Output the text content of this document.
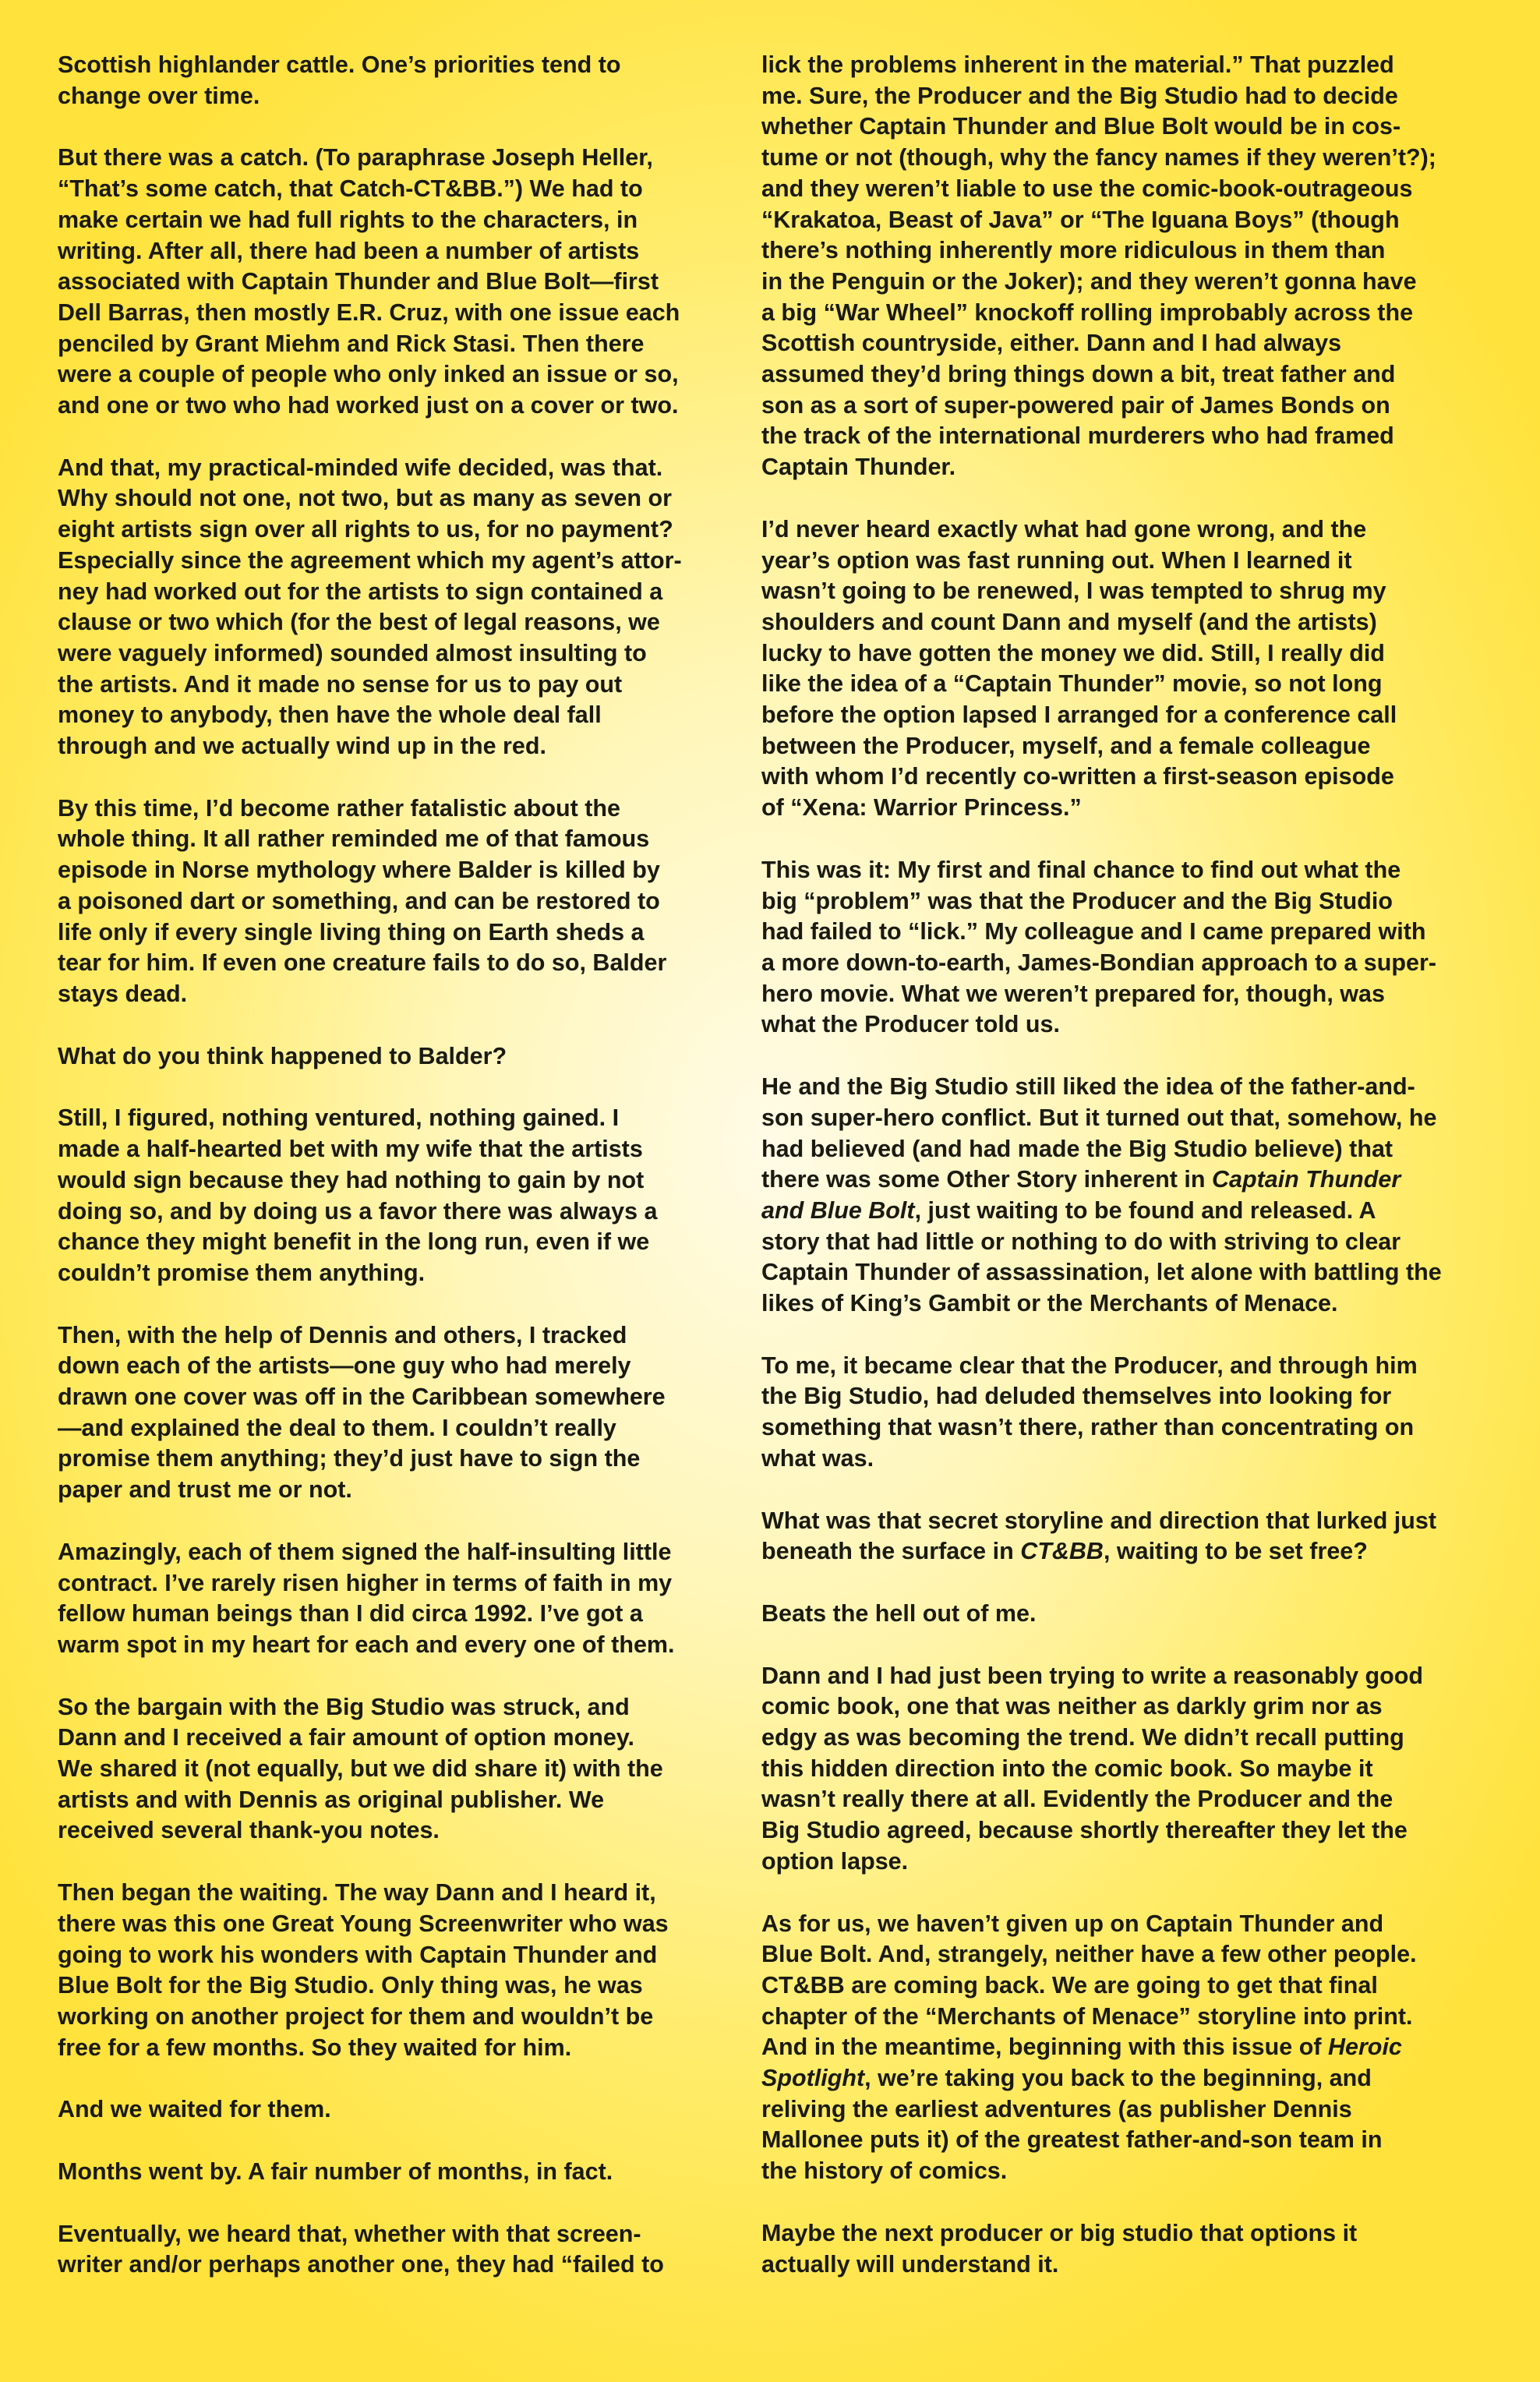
Scottish highlander cattle. One’s priorities tend to
change over time.

But there was a catch. (To paraphrase Joseph Heller,
“That’s some catch, that Catch-CT&BB.”) We had to
make certain we had full rights to the characters, in
writing. After all, there had been a number of artists
associated with Captain Thunder and Blue Bolt—first
Dell Barras, then mostly E.R. Cruz, with one issue each
penciled by Grant Miehm and Rick Stasi. Then there
were a couple of people who only inked an issue or so,
and one or two who had worked just on a cover or two.

And that, my practical-minded wife decided, was that.
Why should not one, not two, but as many as seven or
eight artists sign over all rights to us, for no payment?
Especially since the agreement which my agent’s attor-
ney had worked out for the artists to sign contained a
clause or two which (for the best of legal reasons, we
were vaguely informed) sounded almost insulting to
the artists. And it made no sense for us to pay out
money to anybody, then have the whole deal fall
through and we actually wind up in the red.

By this time, I’d become rather fatalistic about the
whole thing. It all rather reminded me of that famous
episode in Norse mythology where Balder is killed by
a poisoned dart or something, and can be restored to
life only if every single living thing on Earth sheds a
tear for him. If even one creature fails to do so, Balder
stays dead.

What do you think happened to Balder?

Still, I figured, nothing ventured, nothing gained. I
made a half-hearted bet with my wife that the artists
would sign because they had nothing to gain by not
doing so, and by doing us a favor there was always a
chance they might benefit in the long run, even if we
couldn’t promise them anything.

Then, with the help of Dennis and others, I tracked
down each of the artists—one guy who had merely
drawn one cover was off in the Caribbean somewhere
—and explained the deal to them. I couldn’t really
promise them anything; they’d just have to sign the
paper and trust me or not.

Amazingly, each of them signed the half-insulting little
contract. I’ve rarely risen higher in terms of faith in my
fellow human beings than I did circa 1992. I’ve got a
warm spot in my heart for each and every one of them.

So the bargain with the Big Studio was struck, and
Dann and I received a fair amount of option money.
We shared it (not equally, but we did share it) with the
artists and with Dennis as original publisher. We
received several thank-you notes.

Then began the waiting. The way Dann and I heard it,
there was this one Great Young Screenwriter who was
going to work his wonders with Captain Thunder and
Blue Bolt for the Big Studio. Only thing was, he was
working on another project for them and wouldn’t be
free for a few months. So they waited for him.

And we waited for them.

Months went by. A fair number of months, in fact.

Eventually, we heard that, whether with that screen-
writer and/or perhaps another one, they had “failed to

lick the problems inherent in the material.” That puzzled
me. Sure, the Producer and the Big Studio had to decide
whether Captain Thunder and Blue Bolt would be in cos-
tume or not (though, why the fancy names if they weren’t?);
and they weren’t liable to use the comic-book-outrageous
“Krakatoa, Beast of Java” or “The Iguana Boys” (though
there’s nothing inherently more ridiculous in them than
in the Penguin or the Joker); and they weren’t gonna have
a big “War Wheel” knockoff rolling improbably across the
Scottish countryside, either. Dann and I had always
assumed they’d bring things down a bit, treat father and
son as a sort of super-powered pair of James Bonds on
the track of the international murderers who had framed
Captain Thunder.

I’d never heard exactly what had gone wrong, and the
year’s option was fast running out. When I learned it
wasn’t going to be renewed, I was tempted to shrug my
shoulders and count Dann and myself (and the artists)
lucky to have gotten the money we did. Still, I really did
like the idea of a “Captain Thunder” movie, so not long
before the option lapsed I arranged for a conference call
between the Producer, myself, and a female colleague
with whom I’d recently co-written a first-season episode
of “Xena: Warrior Princess.”

This was it: My first and final chance to find out what the
big “problem” was that the Producer and the Big Studio
had failed to “lick.” My colleague and I came prepared with
a more down-to-earth, James-Bondian approach to a super-
hero movie. What we weren’t prepared for, though, was
what the Producer told us.

He and the Big Studio still liked the idea of the father-and-
son super-hero conflict. But it turned out that, somehow, he
had believed (and had made the Big Studio believe) that
there was some Other Story inherent in Captain Thunder
and Blue Bolt, just waiting to be found and released. A
story that had little or nothing to do with striving to clear
Captain Thunder of assassination, let alone with battling the
likes of King’s Gambit or the Merchants of Menace.

To me, it became clear that the Producer, and through him
the Big Studio, had deluded themselves into looking for
something that wasn’t there, rather than concentrating on
what was.

What was that secret storyline and direction that lurked just
beneath the surface in CT&BB, waiting to be set free?

Beats the hell out of me.

Dann and I had just been trying to write a reasonably good
comic book, one that was neither as darkly grim nor as
edgy as was becoming the trend. We didn’t recall putting
this hidden direction into the comic book. So maybe it
wasn’t really there at all. Evidently the Producer and the
Big Studio agreed, because shortly thereafter they let the
option lapse.

As for us, we haven’t given up on Captain Thunder and
Blue Bolt. And, strangely, neither have a few other people.
CT&BB are coming back. We are going to get that final
chapter of the “Merchants of Menace” storyline into print.
And in the meantime, beginning with this issue of Heroic
Spotlight, we’re taking you back to the beginning, and
reliving the earliest adventures (as publisher Dennis
Mallonee puts it) of the greatest father-and-son team in
the history of comics.

Maybe the next producer or big studio that options it
actually will understand it.
